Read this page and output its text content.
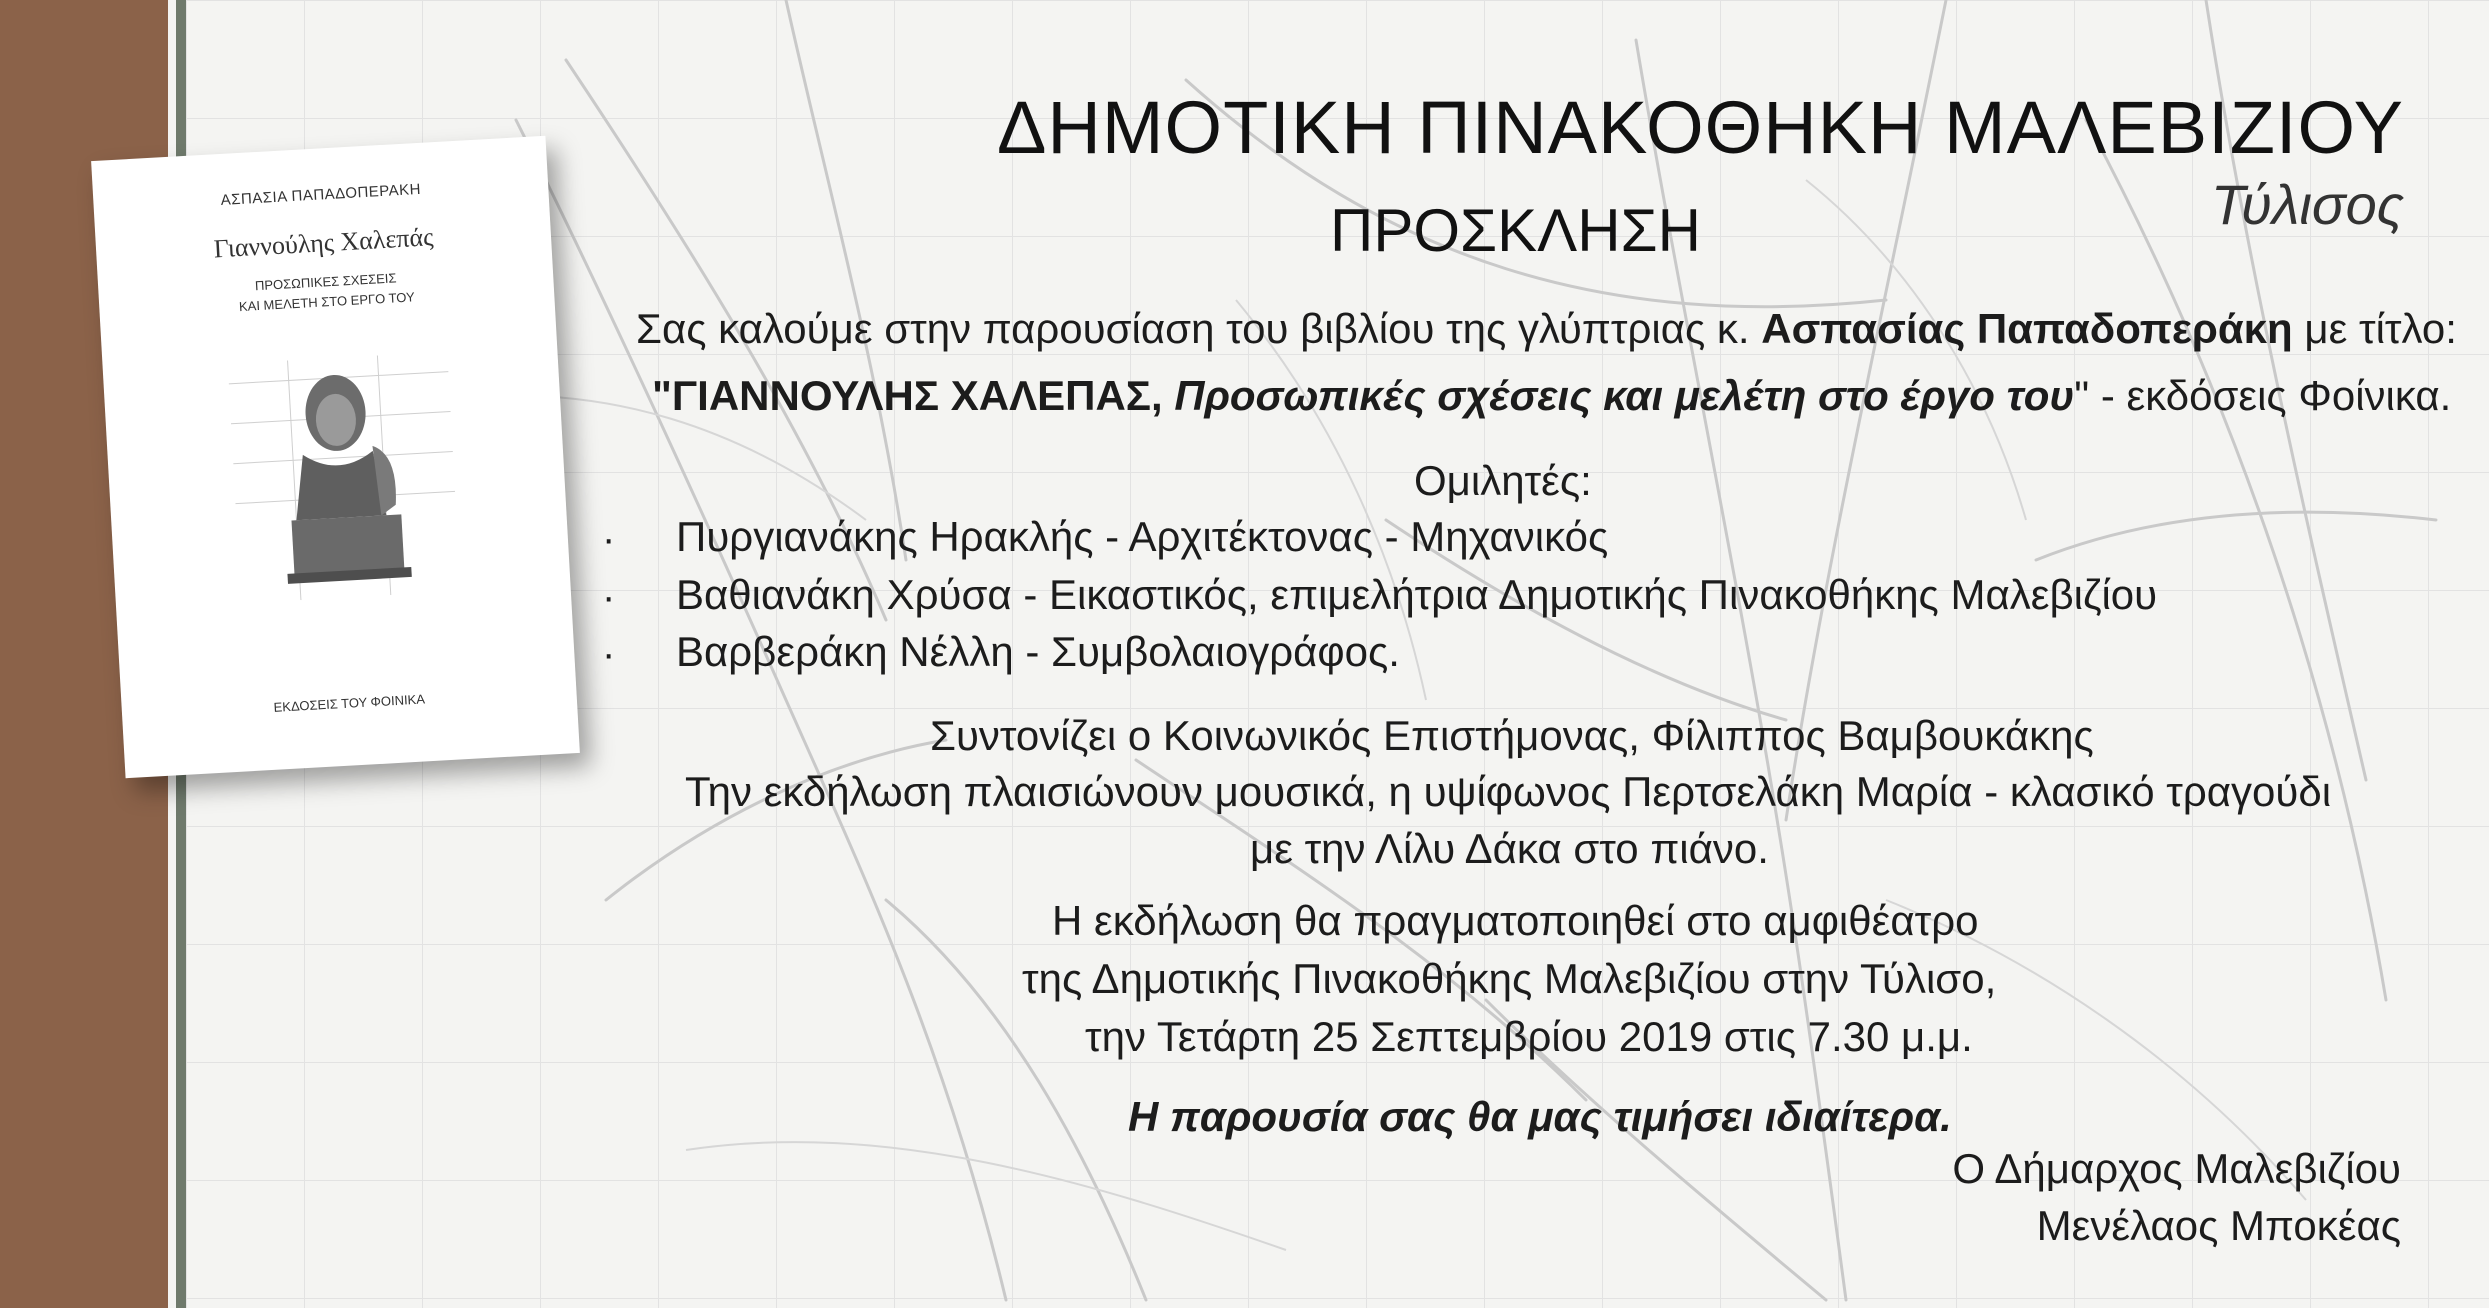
ΑΣΠΑΣΙΑ ΠΑΠΑΔΟΠΕΡΑΚΗ
Γιαννούλης Χαλεπάς
ΠΡΟΣΩΠΙΚΕΣ ΣΧΕΣΕΙΣ
ΚΑΙ ΜΕΛΕΤΗ ΣΤΟ ΕΡΓΟ ΤΟΥ
ΕΚΔΟΣΕΙΣ ΤΟΥ ΦΟΙΝΙΚΑ
ΔΗΜΟΤΙΚΗ ΠΙΝΑΚΟΘΗΚΗ ΜΑΛΕΒΙΖΙΟΥ
Τύλισος
ΠΡΟΣΚΛΗΣΗ
Σας καλούμε στην παρουσίαση του βιβλίου της γλύπτριας κ. Ασπασίας Παπαδοπεράκη με τίτλο:
"ΓΙΑΝΝΟΥΛΗΣ ΧΑΛΕΠΑΣ, Προσωπικές σχέσεις και μελέτη στο έργο του" - εκδόσεις Φοίνικα.
Ομιλητές:
· Πυργιανάκης Ηρακλής - Αρχιτέκτονας - Μηχανικός
· Βαθιανάκη Χρύσα - Εικαστικός, επιμελήτρια Δημοτικής Πινακοθήκης Μαλεβιζίου
· Βαρβεράκη Νέλλη - Συμβολαιογράφος.
Συντονίζει ο Κοινωνικός Επιστήμονας, Φίλιππος Βαμβουκάκης
Την εκδήλωση πλαισιώνουν μουσικά, η υψίφωνος Περτσελάκη Μαρία - κλασικό τραγούδι
με την Λίλυ Δάκα στο πιάνο.
Η εκδήλωση θα πραγματοποιηθεί στο αμφιθέατρο
της Δημοτικής Πινακοθήκης Μαλεβιζίου στην Τύλισο,
την Τετάρτη 25 Σεπτεμβρίου 2019 στις 7.30 μ.μ.
Η παρουσία σας θα μας τιμήσει ιδιαίτερα.
Ο Δήμαρχος Μαλεβιζίου
Μενέλαος Μποκέας
